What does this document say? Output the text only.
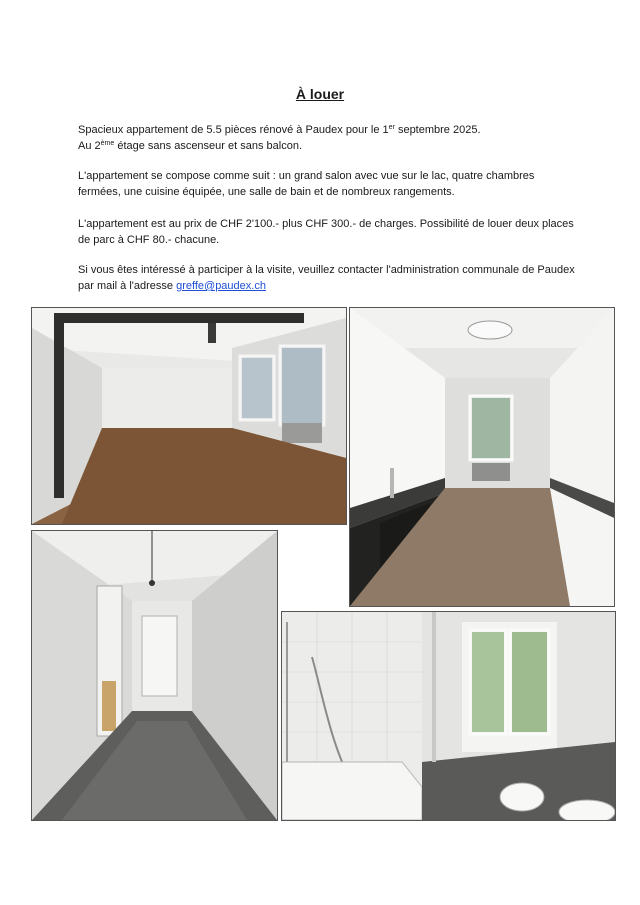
À louer

Spacieux appartement de 5.5 pièces rénové à Paudex pour le 1er septembre 2025.
Au 2ème étage sans ascenseur et sans balcon.

L'appartement se compose comme suit : un grand salon avec vue sur le lac, quatre chambres fermées, une cuisine équipée, une salle de bain et de nombreux rangements.

L'appartement est au prix de CHF 2'100.- plus CHF 300.- de charges. Possibilité de louer deux places de parc à CHF 80.- chacune.

Si vous êtes intéressé à participer à la visite, veuillez contacter l'administration communale de Paudex par mail à l'adresse greffe@paudex.ch
